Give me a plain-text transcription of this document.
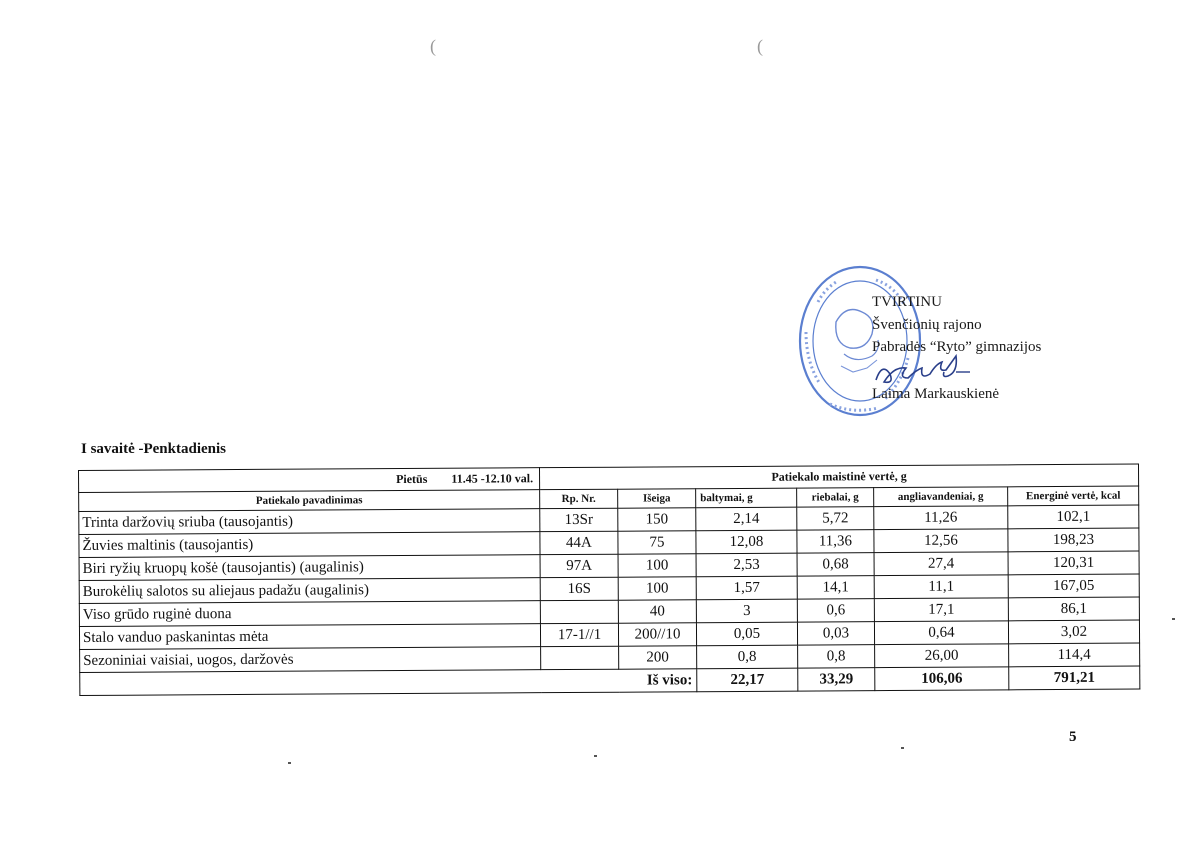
(	(
TVIRTINU
Švenčionių rajono
Pabradės “Ryto” gimnazijos
Laima Markauskienė
I savaitė -Penktadienis
Pietūs 11.45 -12.10 val.	Patiekalo maistinė vertė, g					
Patiekalo pavadinimas	Rp. Nr.	Išeiga	baltymai, g	riebalai, g	angliavandeniai, g	Energinė vertė, kcal
Trinta daržovių sriuba (tausojantis)	13Sr	150	2,14	5,72	11,26	102,1
Žuvies maltinis (tausojantis)	44A	75	12,08	11,36	12,56	198,23
Biri ryžių kruopų košė (tausojantis) (augalinis)	97A	100	2,53	0,68	27,4	120,31
Burokėlių salotos su aliejaus padažu (augalinis)	16S	100	1,57	14,1	11,1	167,05
Viso grūdo ruginė duona		40	3	0,6	17,1	86,1
Stalo vanduo paskanintas mėta	17-1//1	200//10	0,05	0,03	0,64	3,02
Sezoniniai vaisiai, uogos, daržovės		200	0,8	0,8	26,00	114,4
	Iš viso:		22,17	33,29	106,06	791,21
5
